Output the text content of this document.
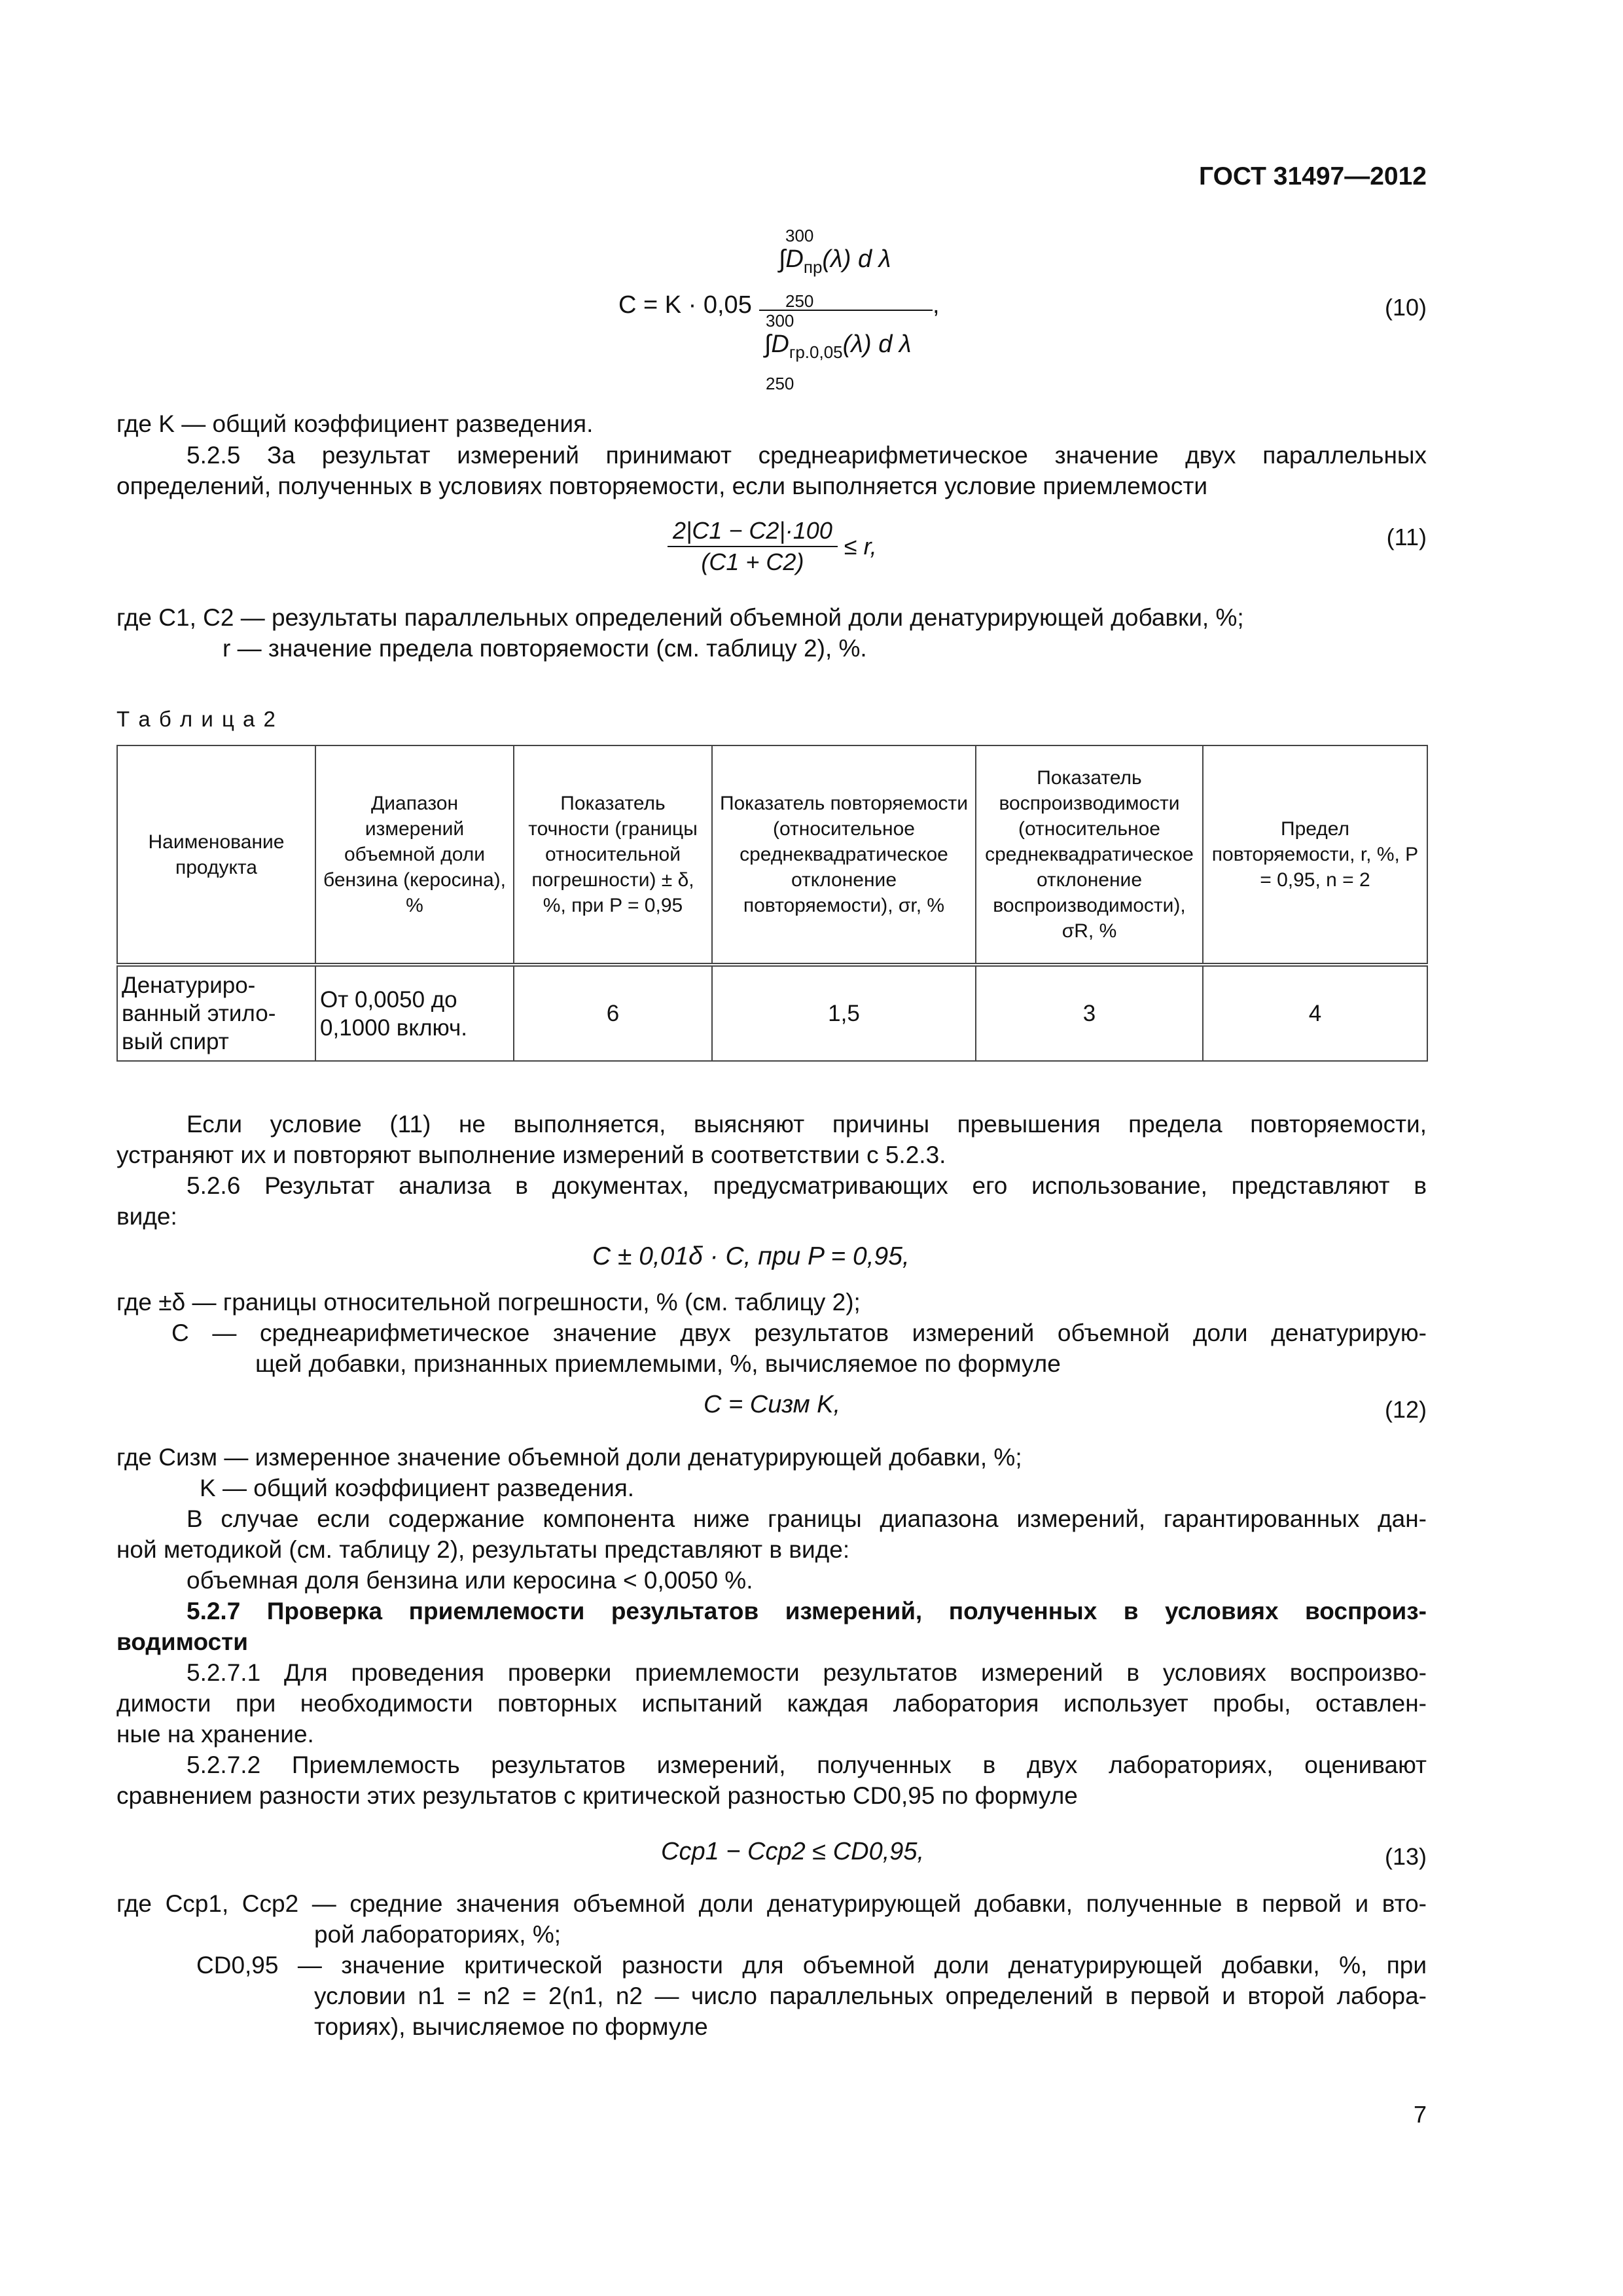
ГОСТ 31497—2012
C = K · 0,05
300
$\int D_{пр}(\lambda)$ d λ
250	,
300
$\int D_{гр.0,05}(\lambda)$ d λ
250
(10)
где K — общий коэффициент разведения.
5.2.5 За результат измерений принимают среднеарифметическое значение двух параллельных
определений, полученных в условиях повторяемости, если выполняется условие приемлемости
$\frac{2|C1 - C2|\cdot 100}{(C1 + C2)} \le r$,	(11)
где C1, C2 — результаты параллельных определений объемной доли денатурирующей добавки, %;
r — значение предела повторяемости (см. таблицу 2), %.
Т а б л и ц а 2
Наименование продукта	Диапазон измерений объемной доли бензина (керосина), %	Показатель точности (границы относительной погрешности) ± δ, %, при P = 0,95	Показатель повторяемости (относительное среднеквадратическое отклонение повторяемости), σr, %	Показатель воспроизводимости (относительное среднеквадратическое отклонение воспроизводимости), σR, %	Предел повторяемости, r, %, P = 0,95, n = 2
Денатуриро-ванный этило-вый спирт	От 0,0050 до 0,1000 включ.	6	1,5	3	4
Если условие (11) не выполняется, выясняют причины превышения предела повторяемости,
устраняют их и повторяют выполнение измерений в соответствии с 5.2.3.
5.2.6 Результат анализа в документах, предусматривающих его использование, представляют в
виде:
C ± 0,01δ · C, при P = 0,95,
где ±δ — границы относительной погрешности, % (см. таблицу 2);
C — среднеарифметическое значение двух результатов измерений объемной доли денатурирую-
щей добавки, признанных приемлемыми, %, вычисляемое по формуле
C = Cизм K,	(12)
где Cизм — измеренное значение объемной доли денатурирующей добавки, %;
K — общий коэффициент разведения.
В случае если содержание компонента ниже границы диапазона измерений, гарантированных дан-
ной методикой (см. таблицу 2), результаты представляют в виде:
объемная доля бензина или керосина < 0,0050 %.
5.2.7 Проверка приемлемости результатов измерений, полученных в условиях воспроиз-
водимости
5.2.7.1 Для проведения проверки приемлемости результатов измерений в условиях воспроизво-
димости при необходимости повторных испытаний каждая лаборатория использует пробы, оставлен-
ные на хранение.
5.2.7.2 Приемлемость результатов измерений, полученных в двух лабораториях, оценивают
сравнением разности этих результатов с критической разностью CD0,95 по формуле
Cср1 − Cср2 ≤ CD0,95,	(13)
где Cср1, Cср2 — средние значения объемной доли денатурирующей добавки, полученные в первой и вто-
рой лабораториях, %;
CD0,95 — значение критической разности для объемной доли денатурирующей добавки, %, при
условии n1 = n2 = 2(n1, n2 — число параллельных определений в первой и второй лабора-
ториях), вычисляемое по формуле
7
